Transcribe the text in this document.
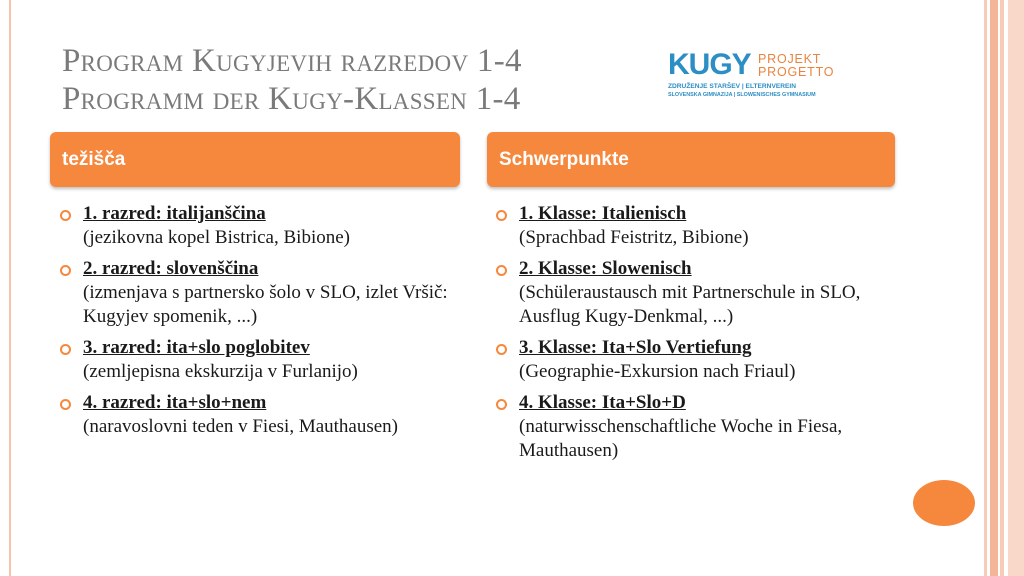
Program Kugyjevih razredov 1-4
Programm der Kugy-Klassen 1-4
KUGY PROJEKT
PROGETTO
ZDRUŽENJE STARŠEV | ELTERNVEREIN
SLOVENSKA GIMNAZIJA | SLOWENISCHES GYMNASIUM
težišča	Schwerpunkte
1. razred: italijanščina
(jezikovna kopel Bistrica, Bibione)
2. razred: slovenščina
(izmenjava s partnersko šolo v SLO, izlet Vršič: Kugyjev spomenik, ...)
3. razred: ita+slo poglobitev
(zemljepisna ekskurzija v Furlanijo)
4. razred: ita+slo+nem
(naravoslovni teden v Fiesi, Mauthausen)
1. Klasse: Italienisch
(Sprachbad Feistritz, Bibione)
2. Klasse: Slowenisch
(Schüleraustausch mit Partnerschule in SLO, Ausflug Kugy-Denkmal, ...)
3. Klasse: Ita+Slo Vertiefung
(Geographie-Exkursion nach Friaul)
4. Klasse: Ita+Slo+D
(naturwisschenschaftliche Woche in Fiesa, Mauthausen)
